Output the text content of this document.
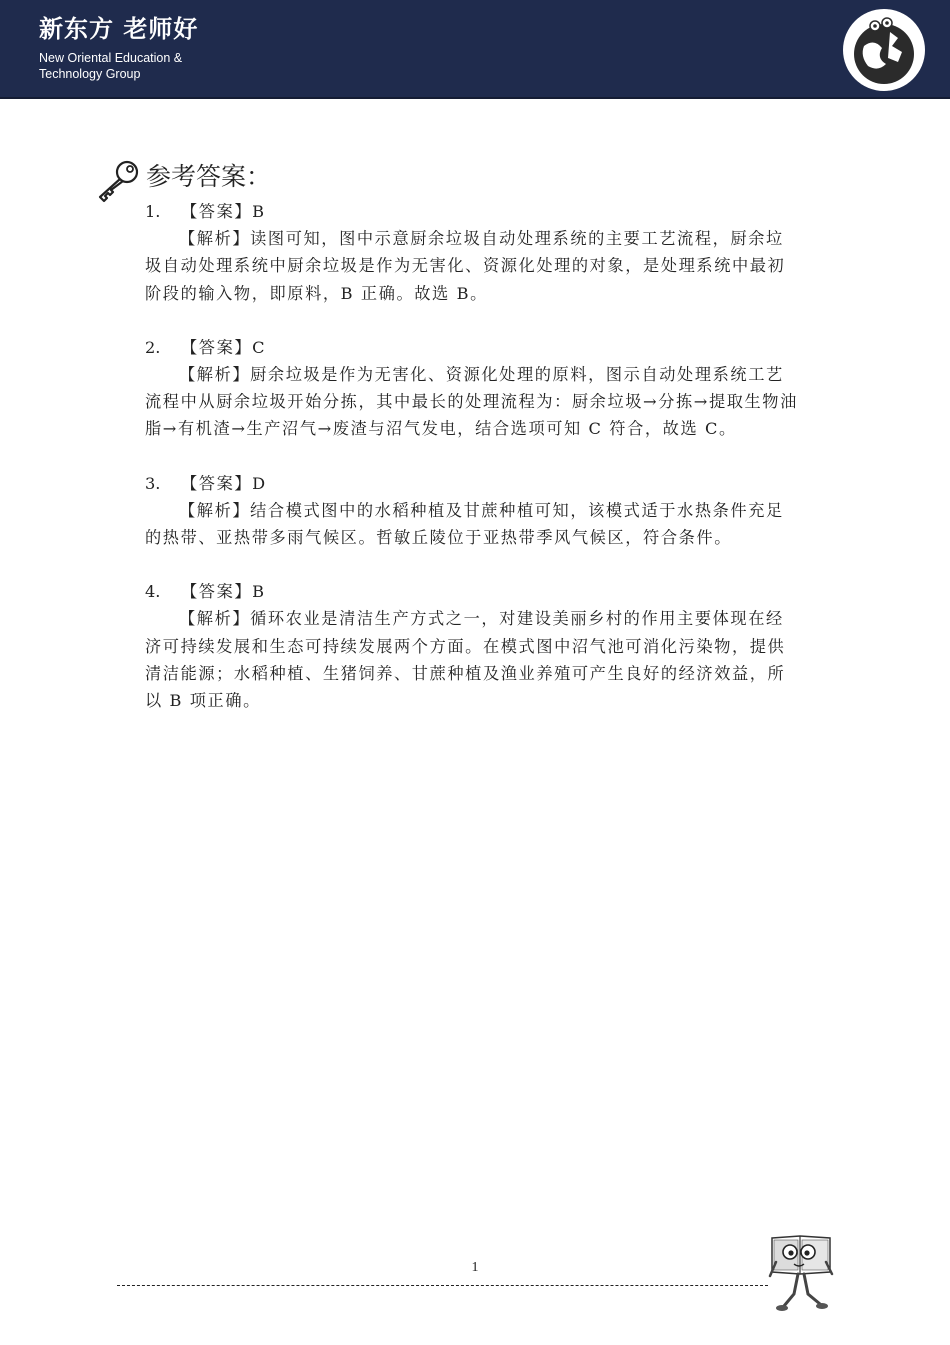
新东方 老师好
New Oriental Education &
Technology Group
参考答案：
1. 【答案】B
【解析】读图可知，图中示意厨余垃圾自动处理系统的主要工艺流程，厨余垃圾自动处理系统中厨余垃圾是作为无害化、资源化处理的对象，是处理系统中最初阶段的输入物，即原料，B 正确。故选 B。
2. 【答案】C
【解析】厨余垃圾是作为无害化、资源化处理的原料，图示自动处理系统工艺流程中从厨余垃圾开始分拣，其中最长的处理流程为：厨余垃圾→分拣→提取生物油脂→有机渣→生产沼气→废渣与沼气发电，结合选项可知 C 符合，故选 C。
3. 【答案】D
【解析】结合模式图中的水稻种植及甘蔗种植可知，该模式适于水热条件充足的热带、亚热带多雨气候区。哲敏丘陵位于亚热带季风气候区，符合条件。
4. 【答案】B
【解析】循环农业是清洁生产方式之一，对建设美丽乡村的作用主要体现在经济可持续发展和生态可持续发展两个方面。在模式图中沼气池可消化污染物，提供清洁能源；水稻种植、生猪饲养、甘蔗种植及渔业养殖可产生良好的经济效益，所以 B 项正确。
1
